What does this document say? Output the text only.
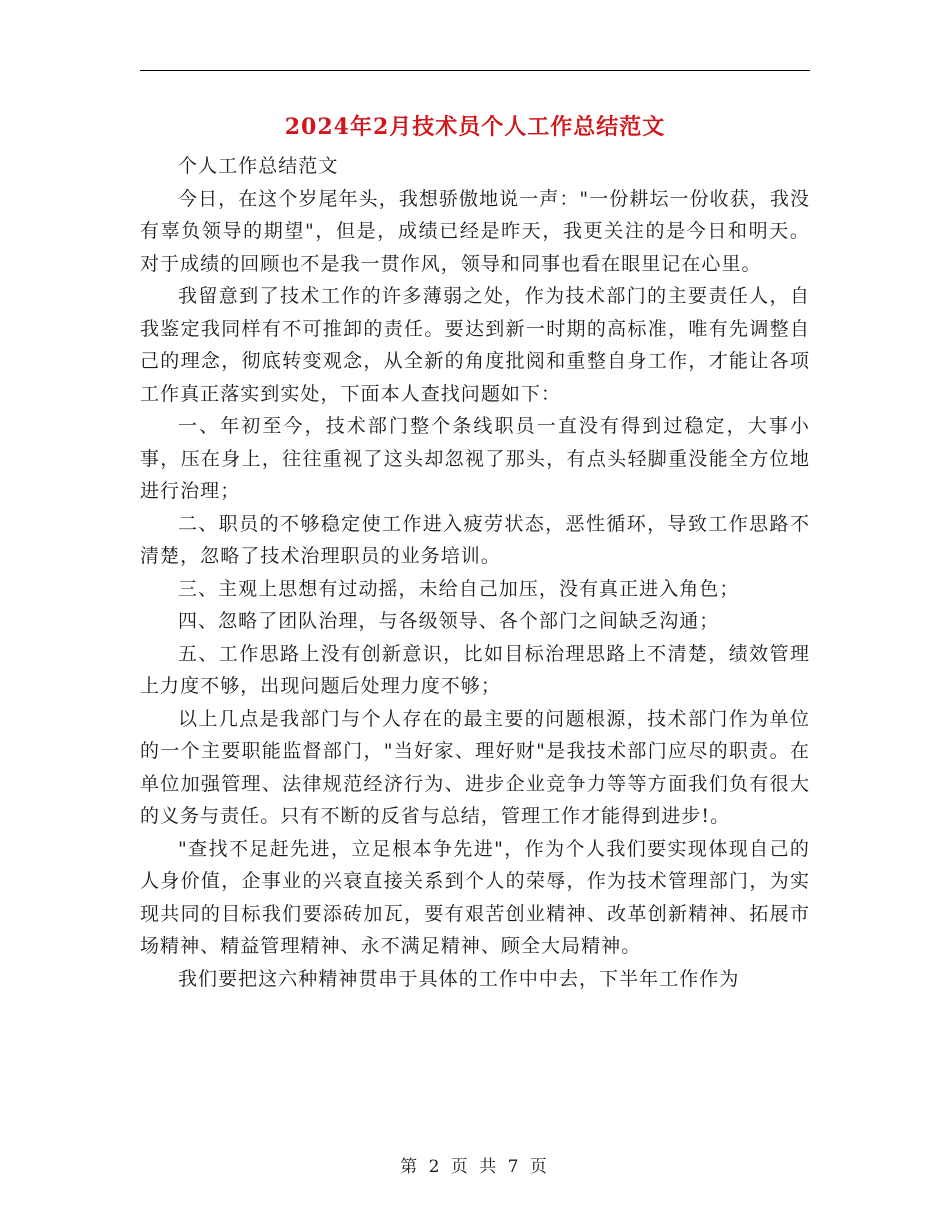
2024年2月技术员个人工作总结范文

个人工作总结范文

今日，在这个岁尾年头，我想骄傲地说一声："一份耕坛一份收获，我没有辜负领导的期望"，但是，成绩已经是昨天，我更关注的是今日和明天。对于成绩的回顾也不是我一贯作风，领导和同事也看在眼里记在心里。

我留意到了技术工作的许多薄弱之处，作为技术部门的主要责任人，自我鉴定我同样有不可推卸的责任。要达到新一时期的高标准，唯有先调整自己的理念，彻底转变观念，从全新的角度批阅和重整自身工作，才能让各项工作真正落实到实处，下面本人查找问题如下：

一、年初至今，技术部门整个条线职员一直没有得到过稳定，大事小事，压在身上，往往重视了这头却忽视了那头，有点头轻脚重没能全方位地进行治理；

二、职员的不够稳定使工作进入疲劳状态，恶性循环，导致工作思路不清楚，忽略了技术治理职员的业务培训。

三、主观上思想有过动摇，未给自己加压，没有真正进入角色；

四、忽略了团队治理，与各级领导、各个部门之间缺乏沟通；

五、工作思路上没有创新意识，比如目标治理思路上不清楚，绩效管理上力度不够，出现问题后处理力度不够；

以上几点是我部门与个人存在的最主要的问题根源，技术部门作为单位的一个主要职能监督部门，"当好家、理好财"是我技术部门应尽的职责。在单位加强管理、法律规范经济行为、进步企业竞争力等等方面我们负有很大的义务与责任。只有不断的反省与总结，管理工作才能得到进步!。

"查找不足赶先进，立足根本争先进"，作为个人我们要实现体现自己的人身价值，企事业的兴衰直接关系到个人的荣辱，作为技术管理部门，为实现共同的目标我们要添砖加瓦，要有艰苦创业精神、改革创新精神、拓展市场精神、精益管理精神、永不满足精神、顾全大局精神。

我们要把这六种精神贯串于具体的工作中中去，下半年工作作为

第 2 页 共 7 页
